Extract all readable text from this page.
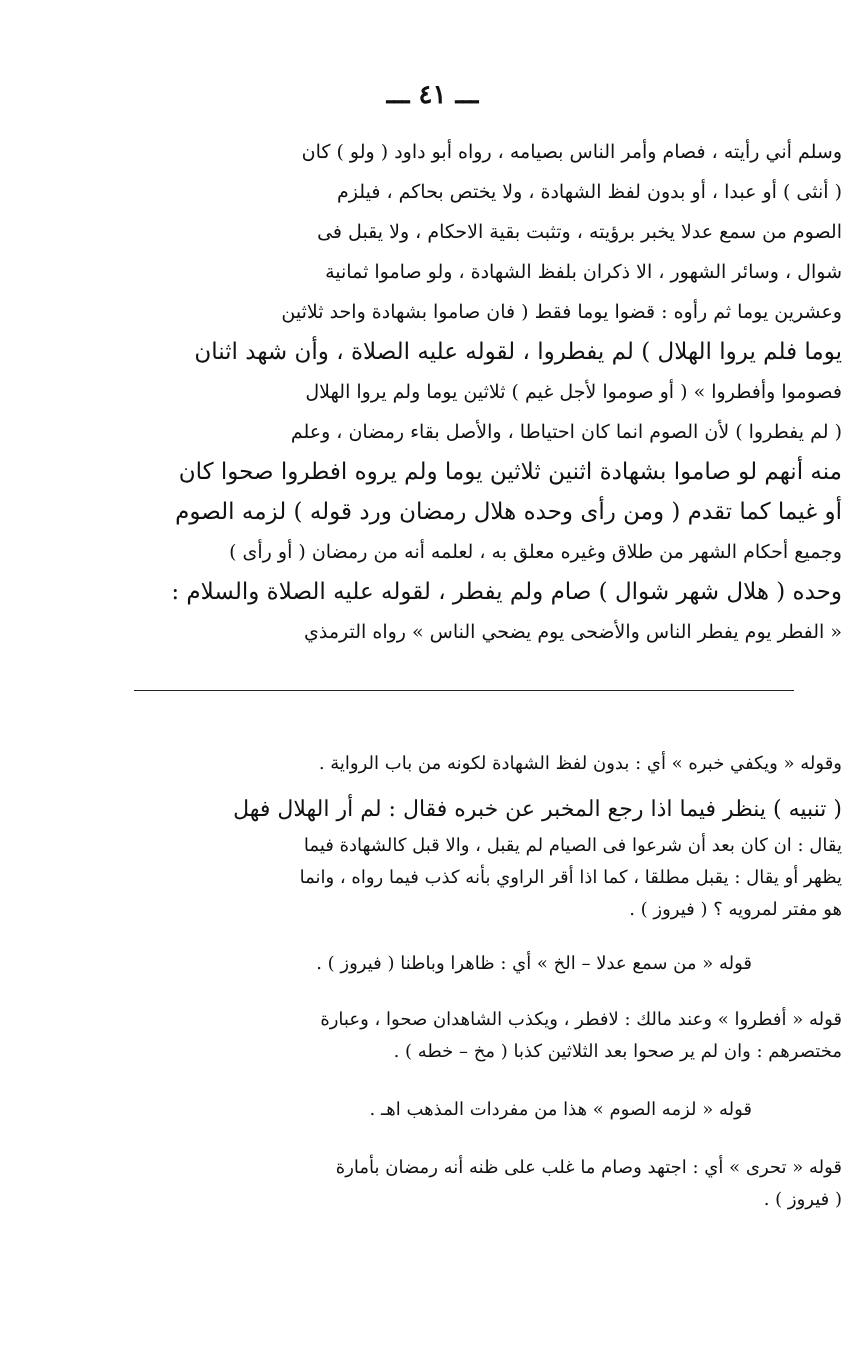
ـــ ٤١ ـــ
وسلم أني رأيته ، فصام وأمر الناس بصيامه ، رواه أبو داود ( ولو ) كان
( أنثى ) أو عبدا ، أو بدون لفظ الشهادة ، ولا يختص بحاكم ، فيلزم
الصوم من سمع عدلا يخبر برؤيته ، وتثبت بقية الاحكام ، ولا يقبل فى
شوال ، وسائر الشهور ، الا ذكران بلفظ الشهادة ، ولو صاموا ثمانية
وعشرين يوما ثم رأوه : قضوا يوما فقط ( فان صاموا بشهادة واحد ثلاثين
يوما فلم يروا الهلال ) لم يفطروا ، لقوله عليه الصلاة ، وأن شهد اثنان
فصوموا وأفطروا » ( أو صوموا لأجل غيم ) ثلاثين يوما ولم يروا الهلال
( لم يفطروا ) لأن الصوم انما كان احتياطا ، والأصل بقاء رمضان ، وعلم
منه أنهم لو صاموا بشهادة اثنين ثلاثين يوما ولم يروه افطروا صحوا كان
أو غيما كما تقدم ( ومن رأى وحده هلال رمضان ورد قوله ) لزمه الصوم
وجميع أحكام الشهر من طلاق وغيره معلق به ، لعلمه أنه من رمضان ( أو رأى )
وحده ( هلال شهر شوال ) صام ولم يفطر ، لقوله عليه الصلاة والسلام :
« الفطر يوم يفطر الناس والأضحى يوم يضحي الناس » رواه الترمذي
وقوله « ويكفي خبره » أي : بدون لفظ الشهادة لكونه من باب الرواية .
( تنبيه ) ينظر فيما اذا رجع المخبر عن خبره فقال : لم أر الهلال فهل
يقال : ان كان بعد أن شرعوا فى الصيام لم يقبل ، والا قبل كالشهادة فيما
يظهر أو يقال : يقبل مطلقا ، كما اذا أقر الراوي بأنه كذب فيما رواه ، وانما
هو مفتر لمرويه ؟ ( فيروز ) .
قوله « من سمع عدلا – الخ » أي : ظاهرا وباطنا ( فيروز ) .
قوله « أفطروا » وعند مالك : لافطر ، ويكذب الشاهدان صحوا ، وعبارة
مختصرهم : وان لم ير صحوا بعد الثلاثين كذبا ( مخ – خطه ) .
قوله « لزمه الصوم » هذا من مفردات المذهب اهـ .
قوله « تحرى » أي : اجتهد وصام ما غلب على ظنه أنه رمضان بأمارة
( فيروز ) .
